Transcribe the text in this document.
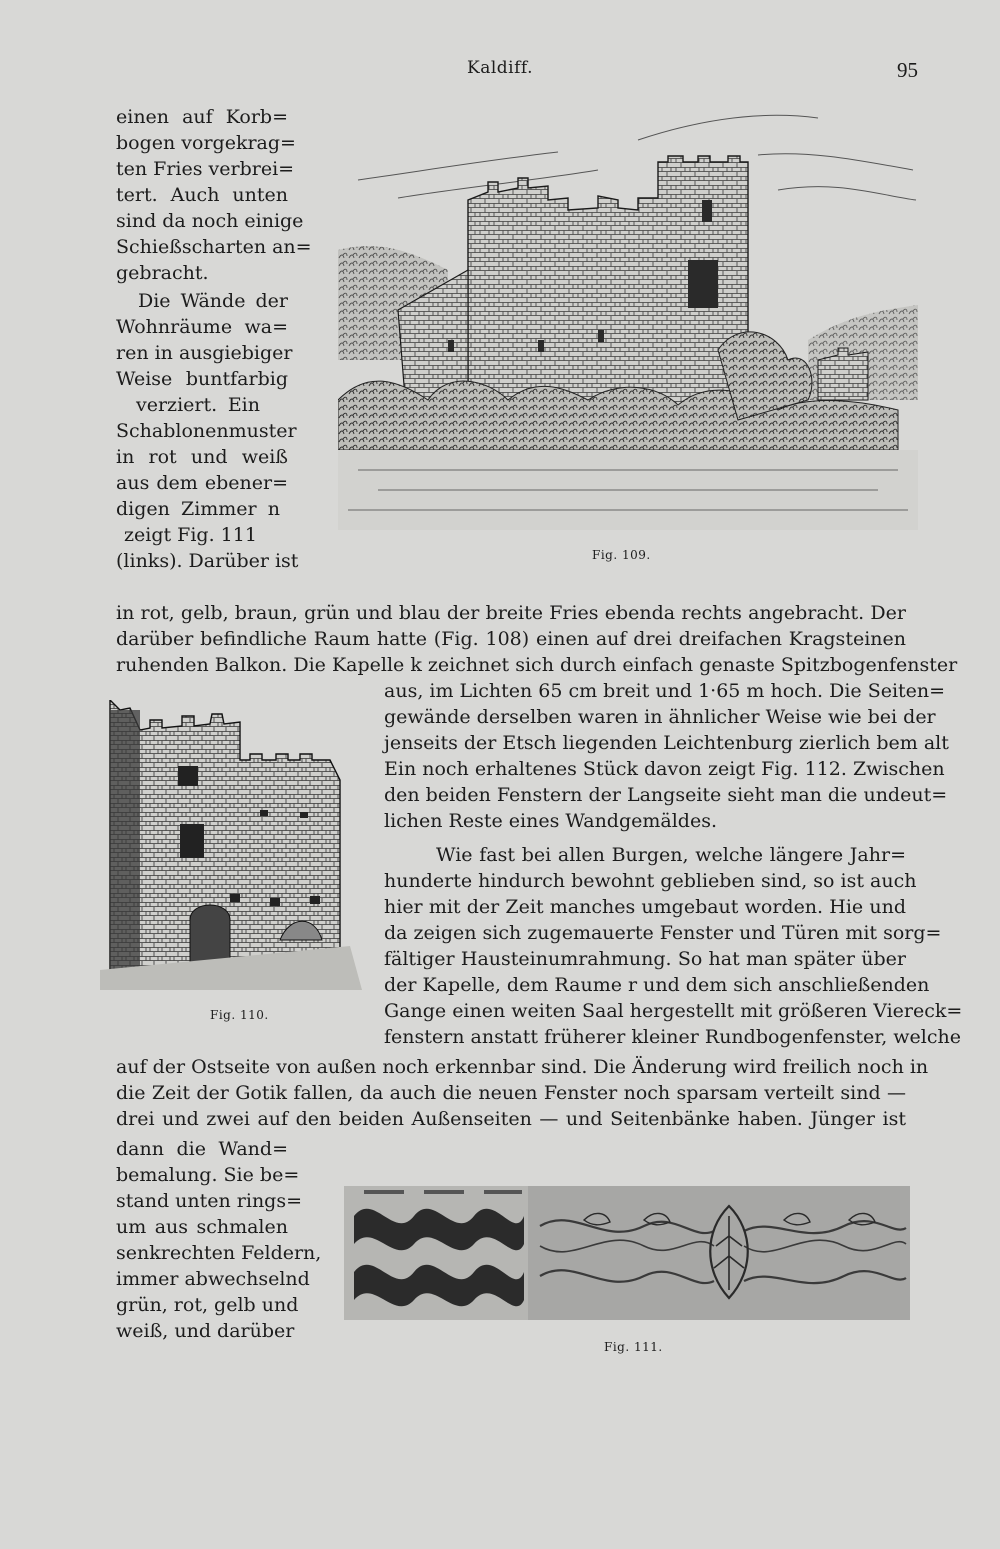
Kaldiff.	95
einen auf Korb=
bogen vorgekrag=
ten Fries verbrei=
tert. Auch unten
sind da noch einige
Schießscharten an=
gebracht.
Die Wände der
Wohnräume wa=
ren in ausgiebiger
Weise buntfarbig
verziert. Ein
Schablonenmuster
in rot und weiß
aus dem ebener=
digen Zimmer n
zeigt Fig. 111
(links). Darüber ist	Fig. 109.
in rot, gelb, braun, grün und blau der breite Fries ebenda rechts angebracht. Der
darüber befindliche Raum hatte (Fig. 108) einen auf drei dreifachen Kragsteinen
ruhenden Balkon. Die Kapelle k zeichnet sich durch einfach genaste Spitzbogenfenster
Fig. 110.
aus, im Lichten 65 cm breit und 1·65 m hoch. Die Seiten=
gewände derselben waren in ähnlicher Weise wie bei der
jenseits der Etsch liegenden Leichtenburg zierlich bem alt
Ein noch erhaltenes Stück davon zeigt Fig. 112. Zwischen
den beiden Fenstern der Langseite sieht man die undeut=
lichen Reste eines Wandgemäldes.
Wie fast bei allen Burgen, welche längere Jahr=
hunderte hindurch bewohnt geblieben sind, so ist auch
hier mit der Zeit manches umgebaut worden. Hie und
da zeigen sich zugemauerte Fenster und Türen mit sorg=
fältiger Hausteinumrahmung. So hat man später über
der Kapelle, dem Raume r und dem sich anschließenden
Gange einen weiten Saal hergestellt mit größeren Viereck=
fenstern anstatt früherer kleiner Rundbogenfenster, welche
auf der Ostseite von außen noch erkennbar sind. Die Änderung wird freilich noch in
die Zeit der Gotik fallen, da auch die neuen Fenster noch sparsam verteilt sind —
drei und zwei auf den beiden Außenseiten — und Seitenbänke haben. Jünger ist
dann die Wand=
bemalung. Sie be=
stand unten rings=
um aus schmalen
senkrechten Feldern,
immer abwechselnd
grün, rot, gelb und
weiß, und darüber
Fig. 111.
